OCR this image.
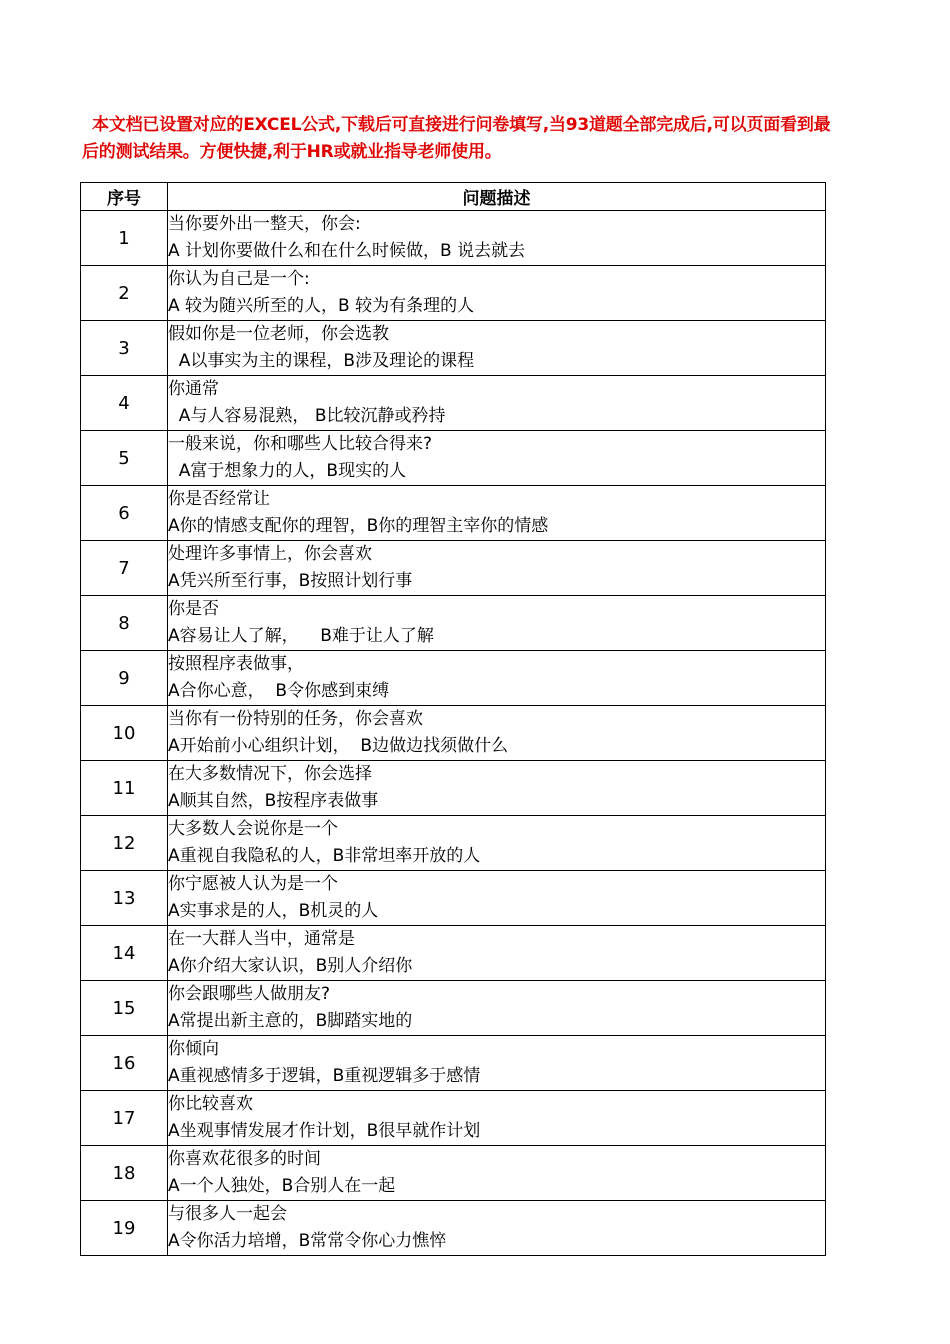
本文档已设置对应的EXCEL公式,下载后可直接进行问卷填写,当93道题全部完成后,可以页面看到最后的测试结果。方便快捷,利于HR或就业指导老师使用。
序号	问题描述
1	当你要外出一整天，你会:
A 计划你要做什么和在什么时候做，B 说去就去

2	你认为自己是一个:
A 较为随兴所至的人，B 较为有条理的人

3	假如你是一位老师，你会选教
A以事实为主的课程，B涉及理论的课程

4	你通常
A与人容易混熟， B比较沉静或矜持

5	一般来说，你和哪些人比较合得来?
A富于想象力的人，B现实的人

6	你是否经常让
A你的情感支配你的理智，B你的理智主宰你的情感

7	处理许多事情上，你会喜欢
A凭兴所至行事，B按照计划行事

8	你是否
A容易让人了解，    B难于让人了解

9	按照程序表做事，
A合你心意，  B令你感到束缚

10	当你有一份特别的任务，你会喜欢
A开始前小心组织计划，  B边做边找须做什么

11	在大多数情况下，你会选择
A顺其自然，B按程序表做事

12	大多数人会说你是一个
A重视自我隐私的人，B非常坦率开放的人

13	你宁愿被人认为是一个
A实事求是的人，B机灵的人

14	在一大群人当中，通常是
A你介绍大家认识，B别人介绍你

15	你会跟哪些人做朋友?
A常提出新主意的，B脚踏实地的

16	你倾向
A重视感情多于逻辑，B重视逻辑多于感情

17	你比较喜欢
A坐观事情发展才作计划，B很早就作计划

18	你喜欢花很多的时间
A一个人独处，B合别人在一起

19	与很多人一起会
A令你活力培增，B常常令你心力憔悴
